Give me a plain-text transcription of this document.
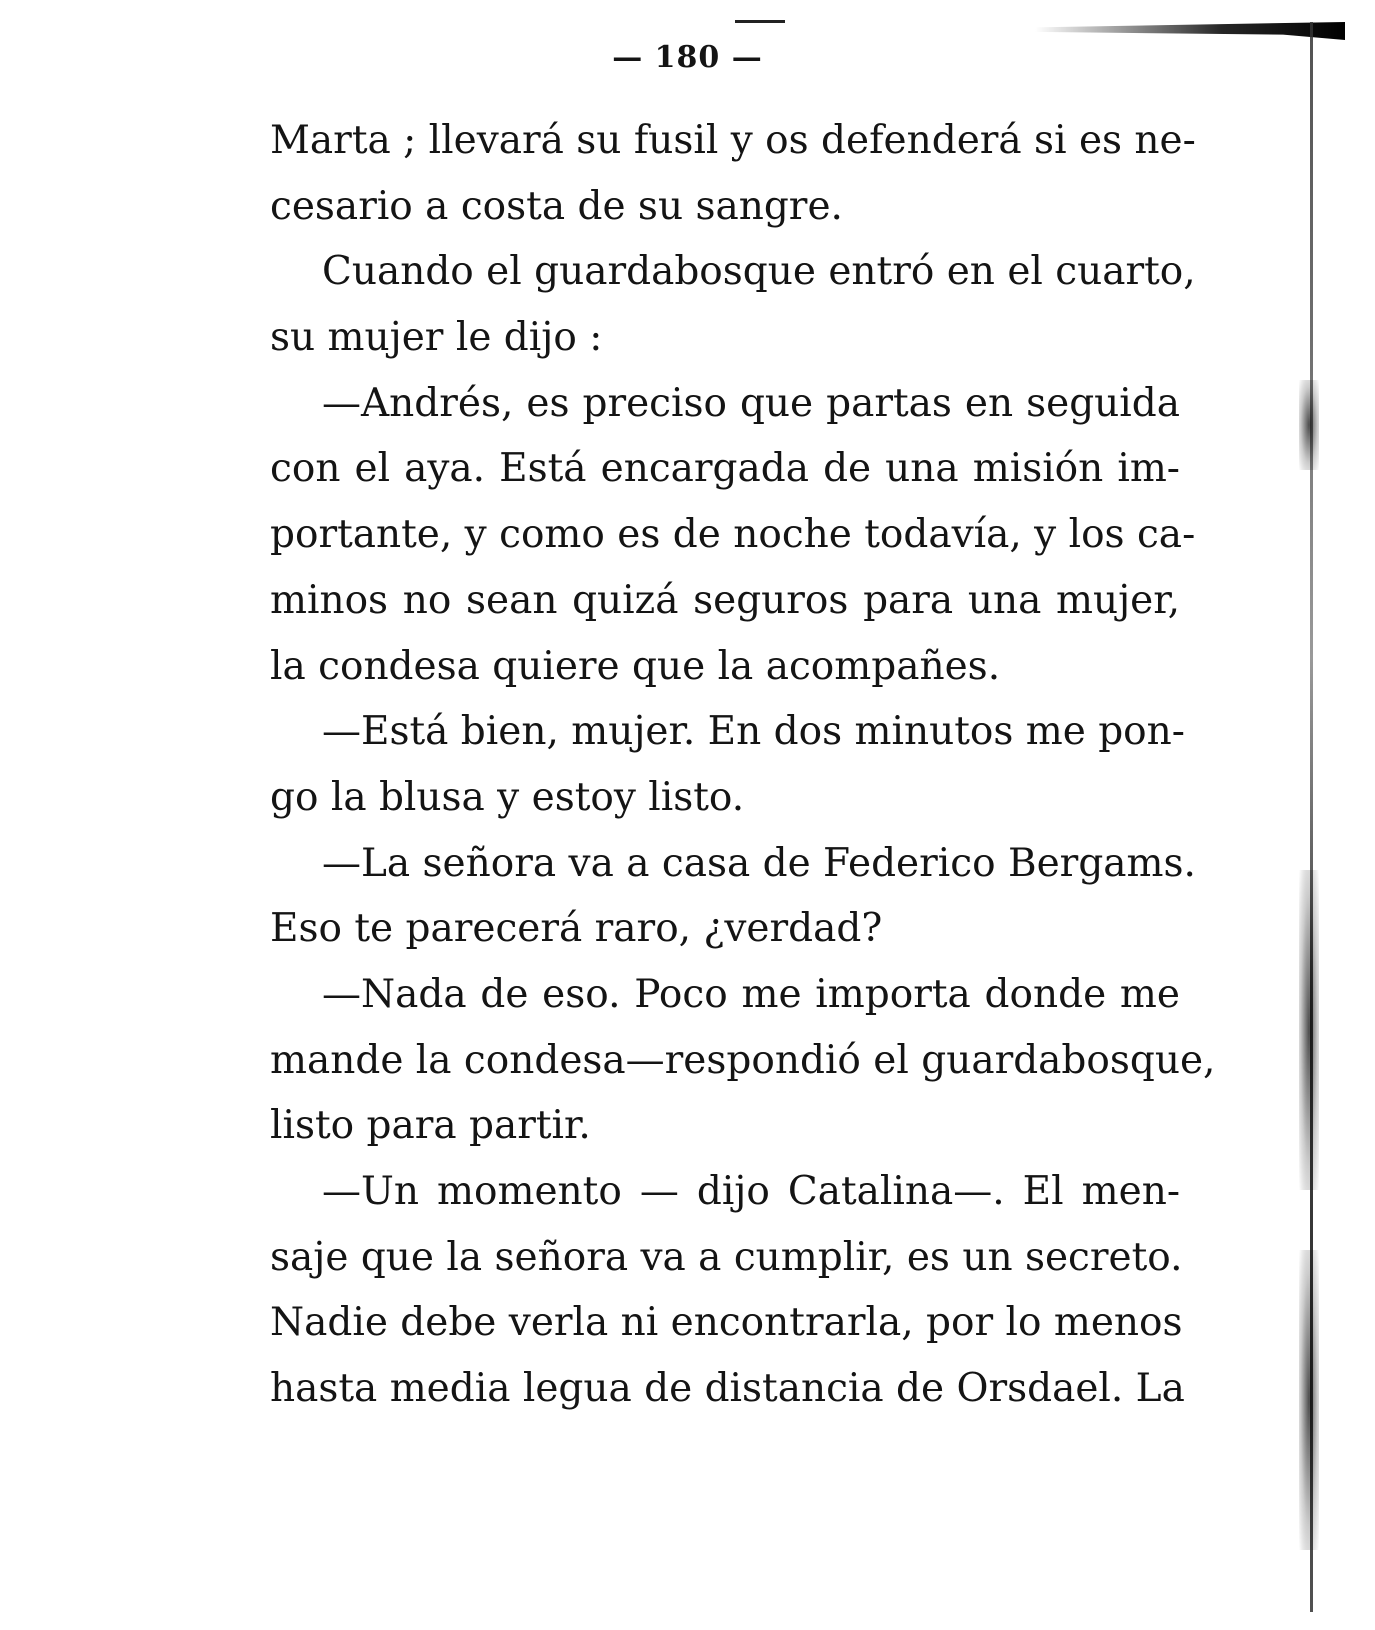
— 180 —
Marta ; llevará su fusil y os defenderá si es ne-
cesario a costa de su sangre.
Cuando el guardabosque entró en el cuarto,
su mujer le dijo :
—Andrés, es preciso que partas en seguida
con el aya. Está encargada de una misión im-
portante, y como es de noche todavía, y los ca-
minos no sean quizá seguros para una mujer,
la condesa quiere que la acompañes.
—Está bien, mujer. En dos minutos me pon-
go la blusa y estoy listo.
—La señora va a casa de Federico Bergams.
Eso te parecerá raro, ¿verdad?
—Nada de eso. Poco me importa donde me
mande la condesa—respondió el guardabosque,
listo para partir.
—Un momento — dijo Catalina—. El men-
saje que la señora va a cumplir, es un secreto.
Nadie debe verla ni encontrarla, por lo menos
hasta media legua de distancia de Orsdael. La
